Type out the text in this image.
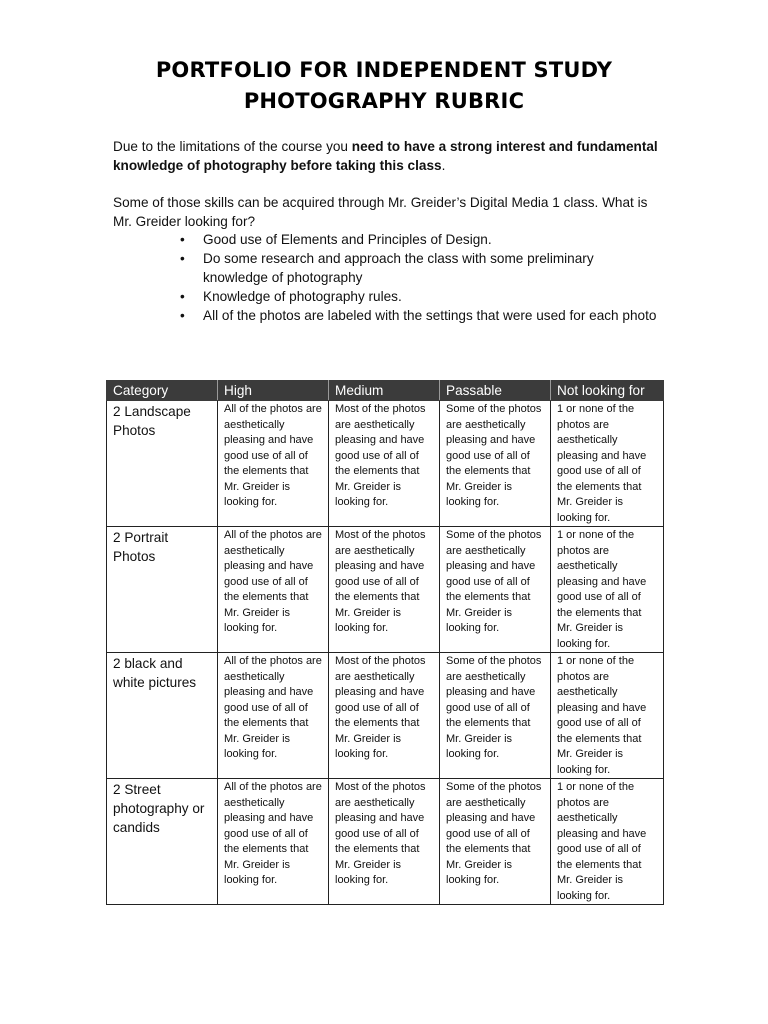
PORTFOLIO FOR INDEPENDENT STUDY
PHOTOGRAPHY RUBRIC
Due to the limitations of the course you need to have a strong interest and fundamental knowledge of photography before taking this class.
Some of those skills can be acquired through Mr. Greider’s Digital Media 1 class. What is Mr. Greider looking for?
• Good use of Elements and Principles of Design.
• Do some research and approach the class with some preliminary knowledge of photography
• Knowledge of photography rules.
• All of the photos are labeled with the settings that were used for each photo
Category	High	Medium	Passable	Not looking for
2 Landscape Photos	All of the photos are aesthetically pleasing and have good use of all of the elements that Mr. Greider is looking for.	Most of the photos are aesthetically pleasing and have good use of all of the elements that Mr. Greider is looking for.	Some of the photos are aesthetically pleasing and have good use of all of the elements that Mr. Greider is looking for.	1 or none of the photos are aesthetically pleasing and have good use of all of the elements that Mr. Greider is looking for.
2 Portrait Photos	All of the photos are aesthetically pleasing and have good use of all of the elements that Mr. Greider is looking for.	Most of the photos are aesthetically pleasing and have good use of all of the elements that Mr. Greider is looking for.	Some of the photos are aesthetically pleasing and have good use of all of the elements that Mr. Greider is looking for.	1 or none of the photos are aesthetically pleasing and have good use of all of the elements that Mr. Greider is looking for.
2 black and white pictures	All of the photos are aesthetically pleasing and have good use of all of the elements that Mr. Greider is looking for.	Most of the photos are aesthetically pleasing and have good use of all of the elements that Mr. Greider is looking for.	Some of the photos are aesthetically pleasing and have good use of all of the elements that Mr. Greider is looking for.	1 or none of the photos are aesthetically pleasing and have good use of all of the elements that Mr. Greider is looking for.
2 Street photography or candids	All of the photos are aesthetically pleasing and have good use of all of the elements that Mr. Greider is looking for.	Most of the photos are aesthetically pleasing and have good use of all of the elements that Mr. Greider is looking for.	Some of the photos are aesthetically pleasing and have good use of all of the elements that Mr. Greider is looking for.	1 or none of the photos are aesthetically pleasing and have good use of all of the elements that Mr. Greider is looking for.
